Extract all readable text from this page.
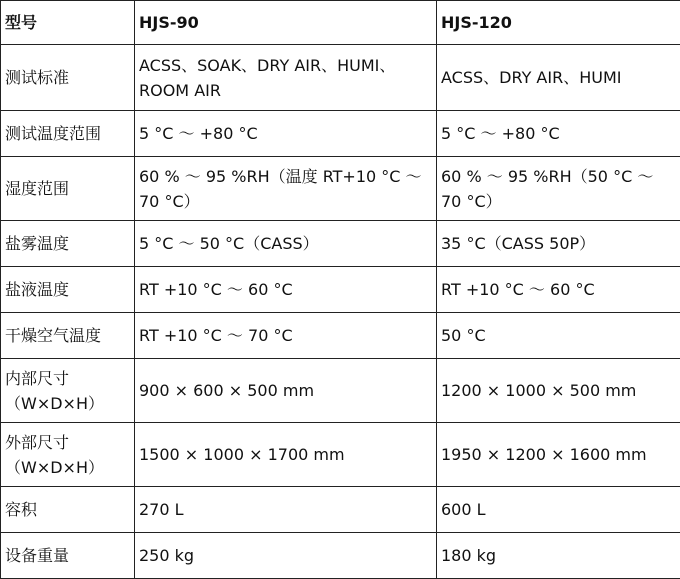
型号	HJS-90	HJS-120
测试标准	ACSS、SOAK、DRY AIR、HUMI、ROOM AIR	ACSS、DRY AIR、HUMI
测试温度范围	5 °C ～ +80 °C	5 °C ～ +80 °C
湿度范围	60 % ～ 95 %RH（温度 RT+10 °C ～ 70 °C）	60 % ～ 95 %RH（50 °C ～ 70 °C）
盐雾温度	5 °C ～ 50 °C（CASS）	35 °C（CASS 50P）
盐液温度	RT +10 °C ～ 60 °C	RT +10 °C ～ 60 °C
干燥空气温度	RT +10 °C ～ 70 °C	50 °C
内部尺寸（W×D×H）	900 × 600 × 500 mm	1200 × 1000 × 500 mm
外部尺寸（W×D×H）	1500 × 1000 × 1700 mm	1950 × 1200 × 1600 mm
容积	270 L	600 L
设备重量	250 kg	180 kg
